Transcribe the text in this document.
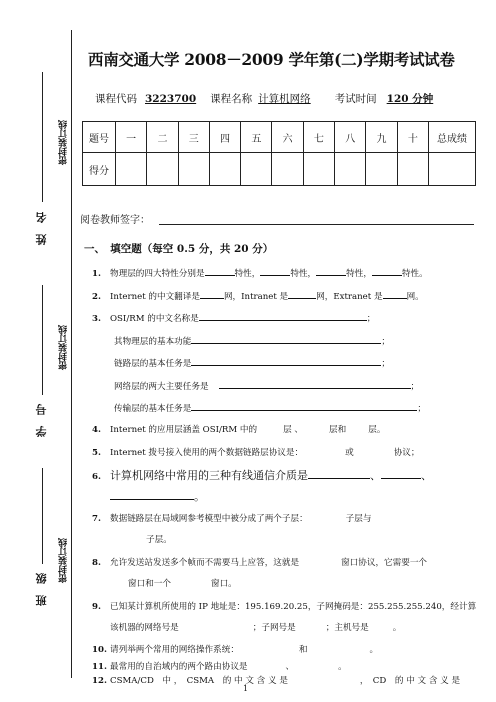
密封装订线
密封装订线
密封装订线
姓　名
学　号
班　级
西南交通大学 2008－2009 学年第(二)学期考试试卷
课程代码 3223700 课程名称 计算机网络 考试时间 120 分钟
题号	一	二	三	四	五	六	七	八	九	十	总成绩
得分											
阅卷教师签字：
一、　填空题（每空 0.5 分，共 20 分）
1. 物理层的四大特性分别是	特性，	特性，	特性，	特性。
2. Internet 的中文翻译是	网，Intranet 是	网，Extranet 是	网。
3. OSI/RM 的中文名称是	；
其物理层的基本功能	；
链路层的基本任务是	；
网络层的两大主要任务是	；
传输层的基本任务是	；
4. Internet 的应用层涵盖 OSI/RM 中的	层 、	层和	层。
5. Internet 拨号接入使用的两个数据链路层协议是：	或	协议；
6. 计算机网络中常用的三种有线通信介质是	、	、
。
7. 数据链路层在局域网参考模型中被分成了两个子层：	子层与
子层。
8. 允许发送站发送多个帧而不需要马上应答，这就是	窗口协议，它需要一个
窗口和一个	窗口。
9. 已知某计算机所使用的 IP 地址是：195.169.20.25，子网掩码是：255.255.255.240，经计算
该机器的网络号是	；子网号是	；主机号是	。
10. 请列举两个常用的网络操作系统：	和	。
11. 最常用的自治域内的两个路由协议是	、	。
12. CSMA/CD　中 ，　CSMA　的 中 文 含 义 是	，　CD　的 中 文 含 义 是
1
